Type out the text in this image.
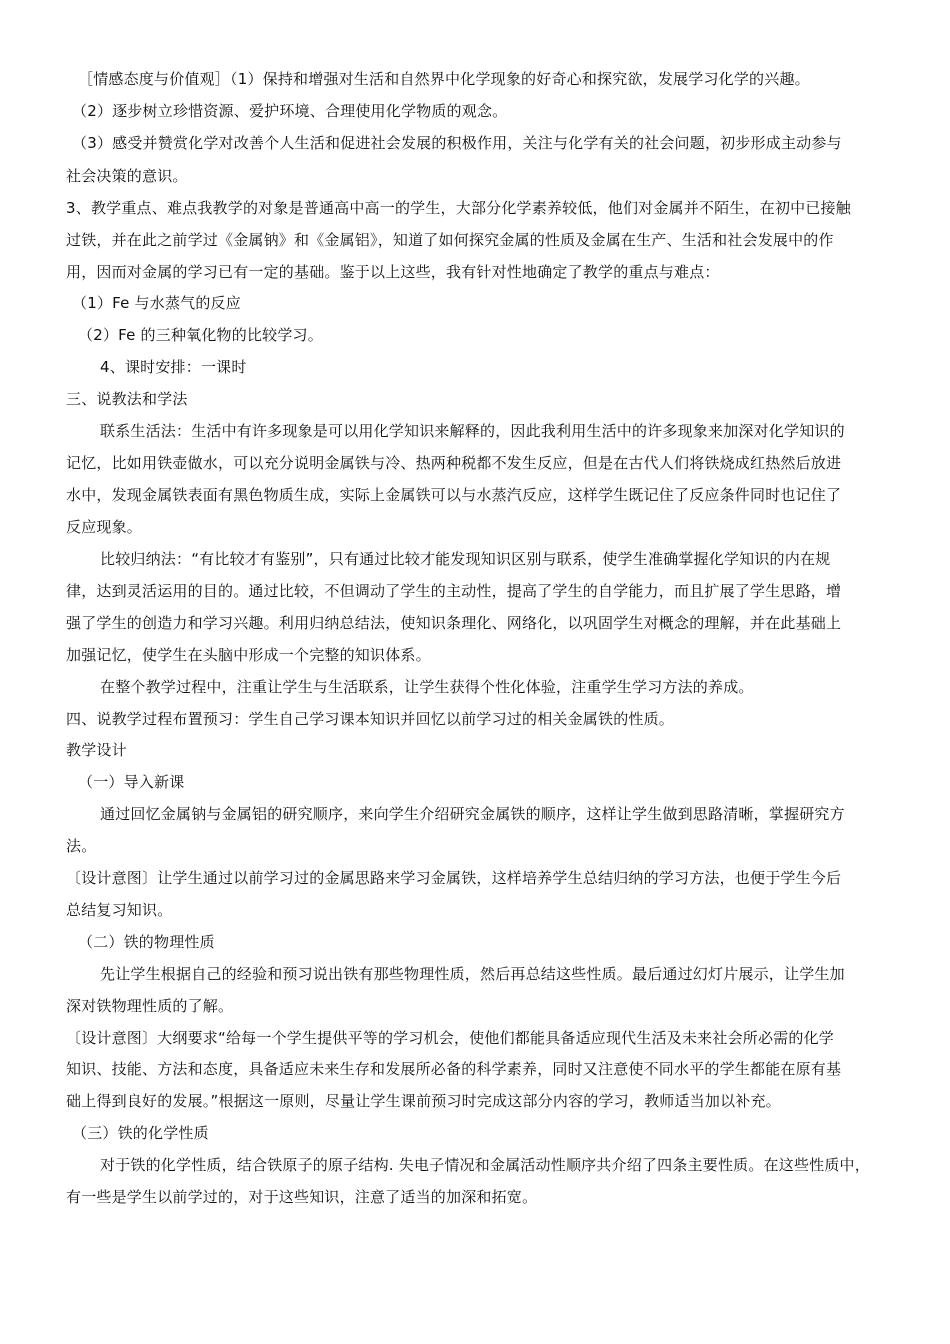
［情感态度与价值观］（1）保持和增强对生活和自然界中化学现象的好奇心和探究欲，发展学习化学的兴趣。
（2）逐步树立珍惜资源、爱护环境、合理使用化学物质的观念。
（3）感受并赞赏化学对改善个人生活和促进社会发展的积极作用，关注与化学有关的社会问题，初步形成主动参与
社会决策的意识。
3、教学重点、难点我教学的对象是普通高中高一的学生，大部分化学素养较低，他们对金属并不陌生，在初中已接触
过铁，并在此之前学过《金属钠》和《金属铝》，知道了如何探究金属的性质及金属在生产、生活和社会发展中的作
用，因而对金属的学习已有一定的基础。鉴于以上这些，我有针对性地确定了教学的重点与难点：
（1）Fe 与水蒸气的反应
（2）Fe 的三种氧化物的比较学习。
4、课时安排：一课时
三、说教法和学法
联系生活法：生活中有许多现象是可以用化学知识来解释的，因此我利用生活中的许多现象来加深对化学知识的
记忆，比如用铁壶做水，可以充分说明金属铁与冷、热两种税都不发生反应，但是在古代人们将铁烧成红热然后放进
水中，发现金属铁表面有黑色物质生成，实际上金属铁可以与水蒸汽反应，这样学生既记住了反应条件同时也记住了
反应现象。
比较归纳法：“有比较才有鉴别”，只有通过比较才能发现知识区别与联系，使学生准确掌握化学知识的内在规
律，达到灵活运用的目的。通过比较，不但调动了学生的主动性，提高了学生的自学能力，而且扩展了学生思路，增
强了学生的创造力和学习兴趣。利用归纳总结法，使知识条理化、网络化，以巩固学生对概念的理解，并在此基础上
加强记忆，使学生在头脑中形成一个完整的知识体系。
在整个教学过程中，注重让学生与生活联系，让学生获得个性化体验，注重学生学习方法的养成。
四、说教学过程布置预习：学生自己学习课本知识并回忆以前学习过的相关金属铁的性质。
教学设计
（一）导入新课
通过回忆金属钠与金属铝的研究顺序，来向学生介绍研究金属铁的顺序，这样让学生做到思路清晰，掌握研究方
法。
〔设计意图〕让学生通过以前学习过的金属思路来学习金属铁，这样培养学生总结归纳的学习方法，也便于学生今后
总结复习知识。
（二）铁的物理性质
先让学生根据自己的经验和预习说出铁有那些物理性质，然后再总结这些性质。最后通过幻灯片展示，让学生加
深对铁物理性质的了解。
〔设计意图〕大纲要求“给每一个学生提供平等的学习机会，使他们都能具备适应现代生活及未来社会所必需的化学
知识、技能、方法和态度，具备适应未来生存和发展所必备的科学素养，同时又注意使不同水平的学生都能在原有基
础上得到良好的发展。”根据这一原则，尽量让学生课前预习时完成这部分内容的学习，教师适当加以补充。
（三）铁的化学性质
对于铁的化学性质，结合铁原子的原子结构. 失电子情况和金属活动性顺序共介绍了四条主要性质。在这些性质中，
有一些是学生以前学过的，对于这些知识，注意了适当的加深和拓宽。
